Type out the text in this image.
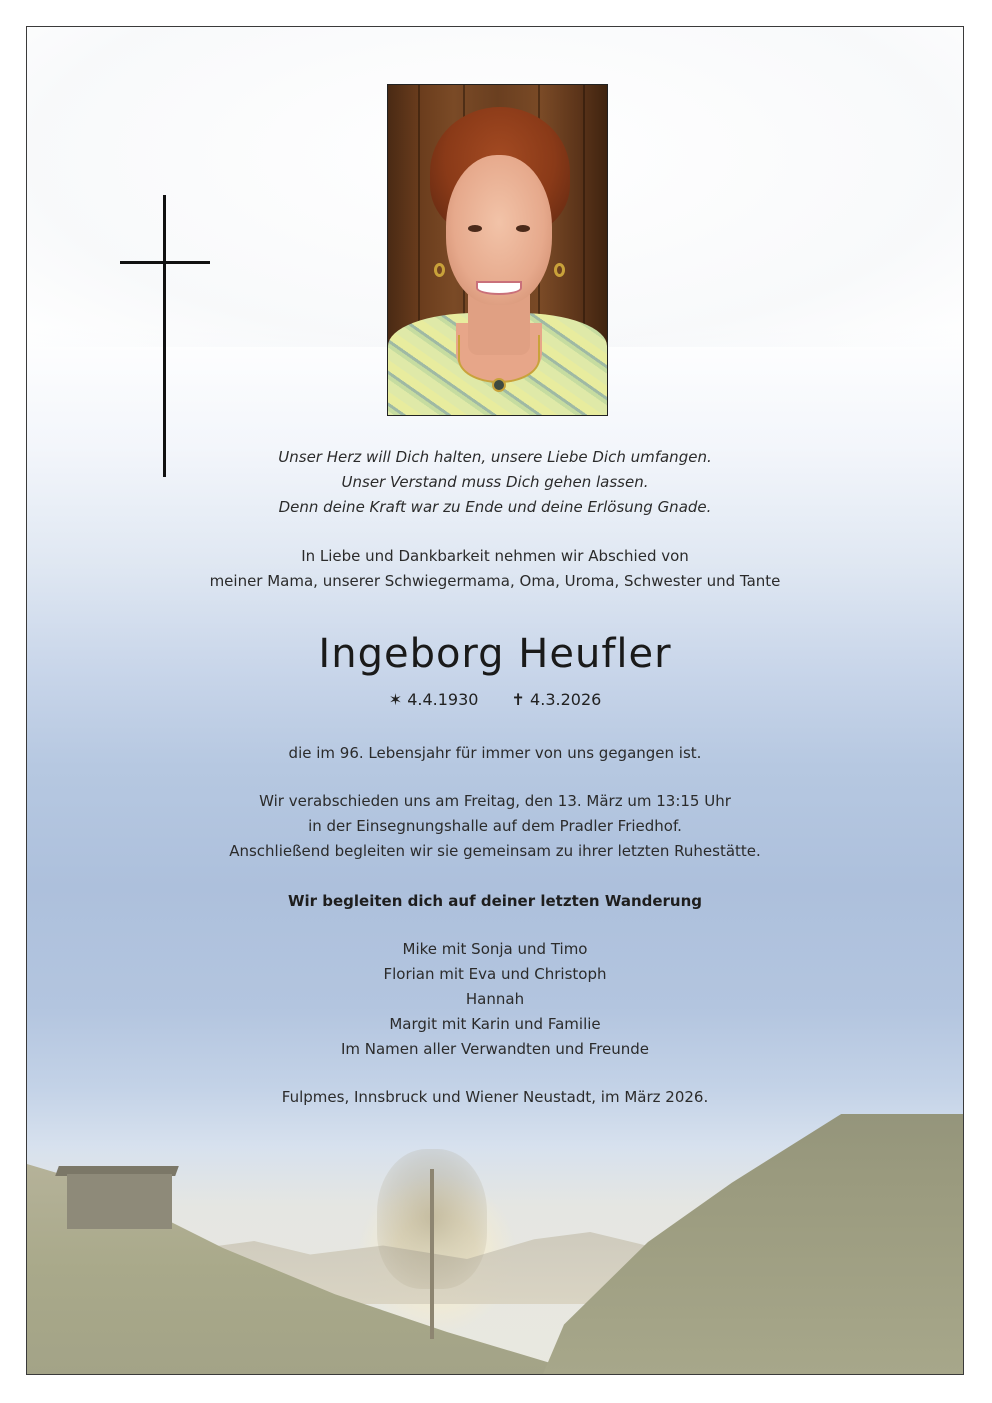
Unser Herz will Dich halten, unsere Liebe Dich umfangen.
Unser Verstand muss Dich gehen lassen.
Denn deine Kraft war zu Ende und deine Erlösung Gnade.
In Liebe und Dankbarkeit nehmen wir Abschied von
meiner Mama, unserer Schwiegermama, Oma, Uroma, Schwester und Tante
Ingeborg Heufler
✶ 4.4.1930 ✝ 4.3.2026
die im 96. Lebensjahr für immer von uns gegangen ist.
Wir verabschieden uns am Freitag, den 13. März um 13:15 Uhr
in der Einsegnungshalle auf dem Pradler Friedhof.
Anschließend begleiten wir sie gemeinsam zu ihrer letzten Ruhestätte.
Wir begleiten dich auf deiner letzten Wanderung
Mike mit Sonja und Timo
Florian mit Eva und Christoph
Hannah
Margit mit Karin und Familie
Im Namen aller Verwandten und Freunde
Fulpmes, Innsbruck und Wiener Neustadt, im März 2026.
